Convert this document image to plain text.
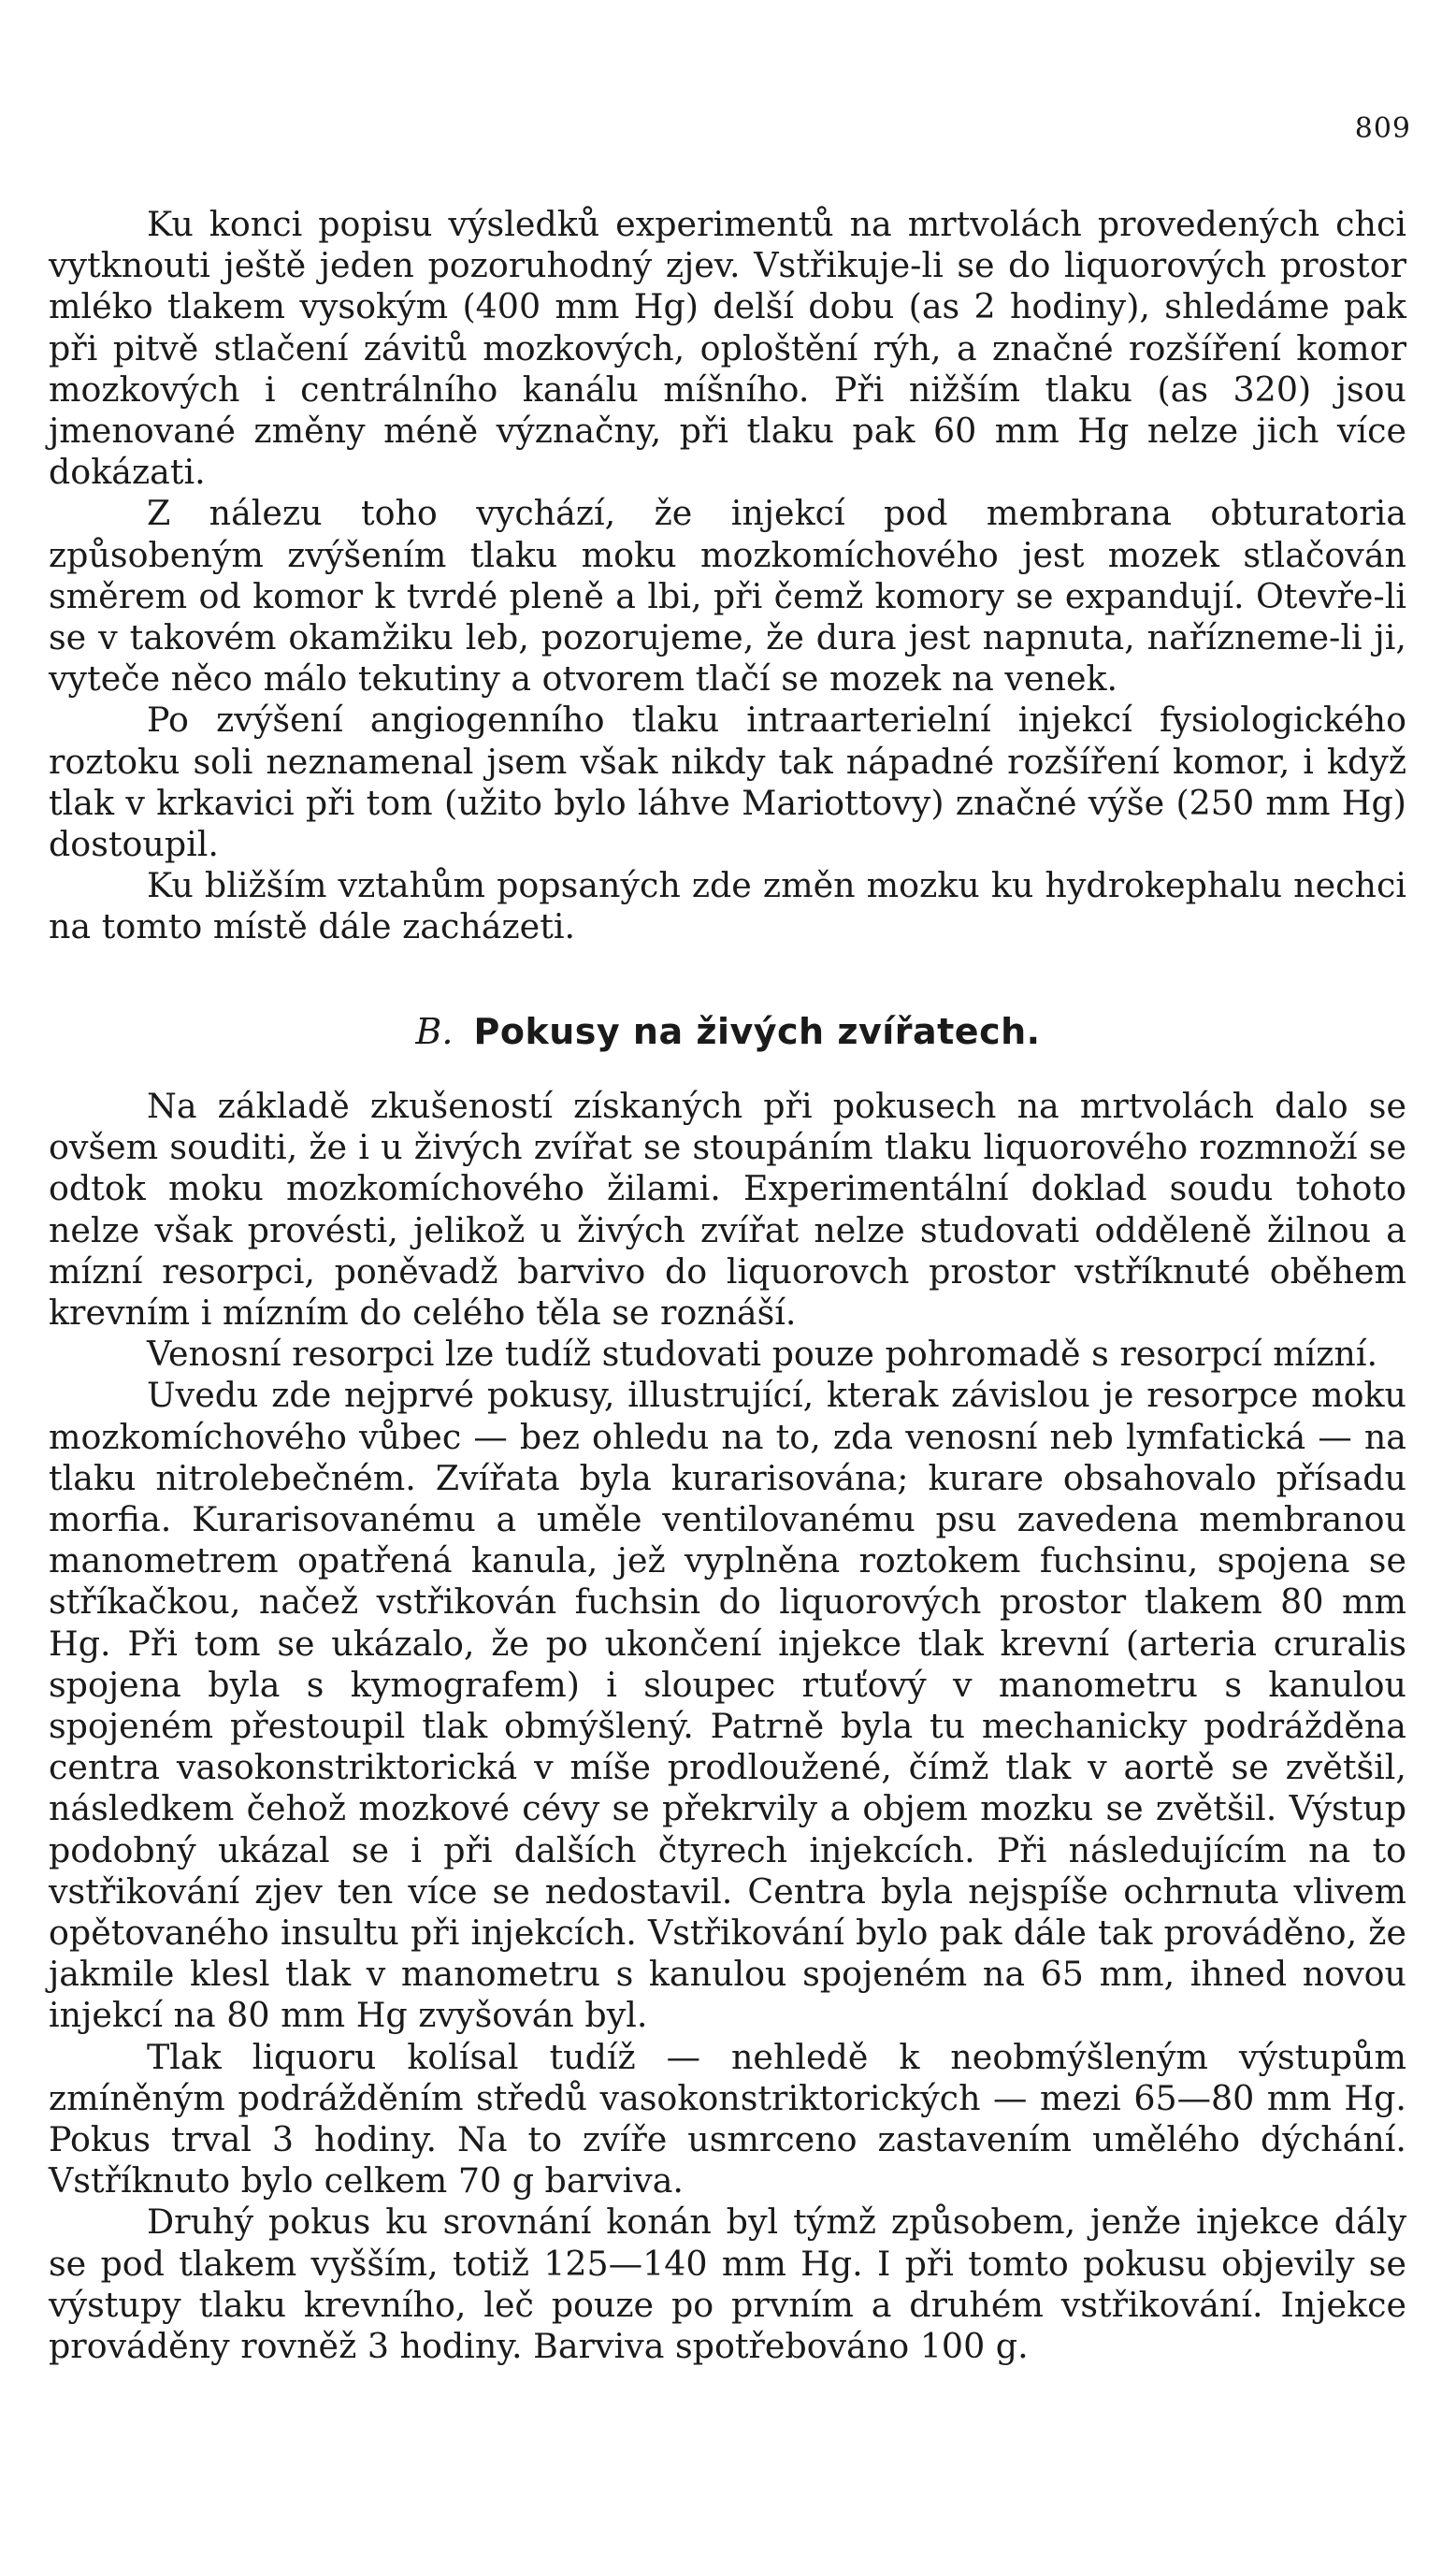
809

Ku konci popisu výsledků experimentů na mrtvolách provedených chci vytknouti ještě jeden pozoruhodný zjev. Vstřikuje-li se do liquorových prostor mléko tlakem vysokým (400 mm Hg) delší dobu (as 2 hodiny), shledáme pak při pitvě stlačení závitů mozkových, oploštění rýh, a značné rozšíření komor mozkových i centrálního kanálu míšního. Při nižším tlaku (as 320) jsou jmenované změny méně význačny, při tlaku pak 60 mm Hg nelze jich více dokázati.

Z nálezu toho vychází, že injekcí pod membrana obturatoria způsobeným zvýšením tlaku moku mozkomíchového jest mozek stlačován směrem od komor k tvrdé pleně a lbi, při čemž komory se expandují. Otevře-li se v takovém okamžiku leb, pozorujeme, že dura jest napnuta, nařízneme-li ji, vyteče něco málo tekutiny a otvorem tlačí se mozek na venek.

Po zvýšení angiogenního tlaku intraarterielní injekcí fysiologického roztoku soli neznamenal jsem však nikdy tak nápadné rozšíření komor, i když tlak v krkavici při tom (užito bylo láhve Mariottovy) značné výše (250 mm Hg) dostoupil.

Ku bližším vztahům popsaných zde změn mozku ku hydrokephalu nechci na tomto místě dále zacházeti.

B. Pokusy na živých zvířatech.

Na základě zkušeností získaných při pokusech na mrtvolách dalo se ovšem souditi, že i u živých zvířat se stoupáním tlaku liquorového rozmnoží se odtok moku mozkomíchového žilami. Experimentální doklad soudu tohoto nelze však provésti, jelikož u živých zvířat nelze studovati odděleně žilnou a mízní resorpci, poněvadž barvivo do liquorovch prostor vstříknuté oběhem krevním i mízním do celého těla se roznáší.

Venosní resorpci lze tudíž studovati pouze pohromadě s resorpcí mízní.

Uvedu zde nejprvé pokusy, illustrující, kterak závislou je resorpce moku mozkomíchového vůbec — bez ohledu na to, zda venosní neb lymfatická — na tlaku nitrolebečném. Zvířata byla kurarisována; kurare obsahovalo přísadu morfia. Kurarisovanému a uměle ventilovanému psu zavedena membranou manometrem opatřená kanula, jež vyplněna roztokem fuchsinu, spojena se stříkačkou, načež vstřikován fuchsin do liquorových prostor tlakem 80 mm Hg. Při tom se ukázalo, že po ukončení injekce tlak krevní (arteria cruralis spojena byla s kymografem) i sloupec rtuťový v manometru s kanulou spojeném přestoupil tlak obmýšlený. Patrně byla tu mechanicky podrážděna centra vasokonstriktorická v míše prodloužené, čímž tlak v aortě se zvětšil, následkem čehož mozkové cévy se překrvily a objem mozku se zvětšil. Výstup podobný ukázal se i při dalších čtyrech injekcích. Při následujícím na to vstřikování zjev ten více se nedostavil. Centra byla nejspíše ochrnuta vlivem opětovaného insultu při injekcích. Vstřikování bylo pak dále tak prováděno, že jakmile klesl tlak v manometru s kanulou spojeném na 65 mm, ihned novou injekcí na 80 mm Hg zvyšován byl.

Tlak liquoru kolísal tudíž — nehledě k neobmýšleným výstupům zmíněným podrážděním středů vasokonstriktorických — mezi 65—80 mm Hg. Pokus trval 3 hodiny. Na to zvíře usmrceno zastavením umělého dýchání. Vstříknuto bylo celkem 70 g barviva.

Druhý pokus ku srovnání konán byl týmž způsobem, jenže injekce dály se pod tlakem vyšším, totiž 125—140 mm Hg. I při tomto pokusu objevily se výstupy tlaku krevního, leč pouze po prvním a druhém vstřikování. Injekce prováděny rovněž 3 hodiny. Barviva spotřebováno 100 g.
